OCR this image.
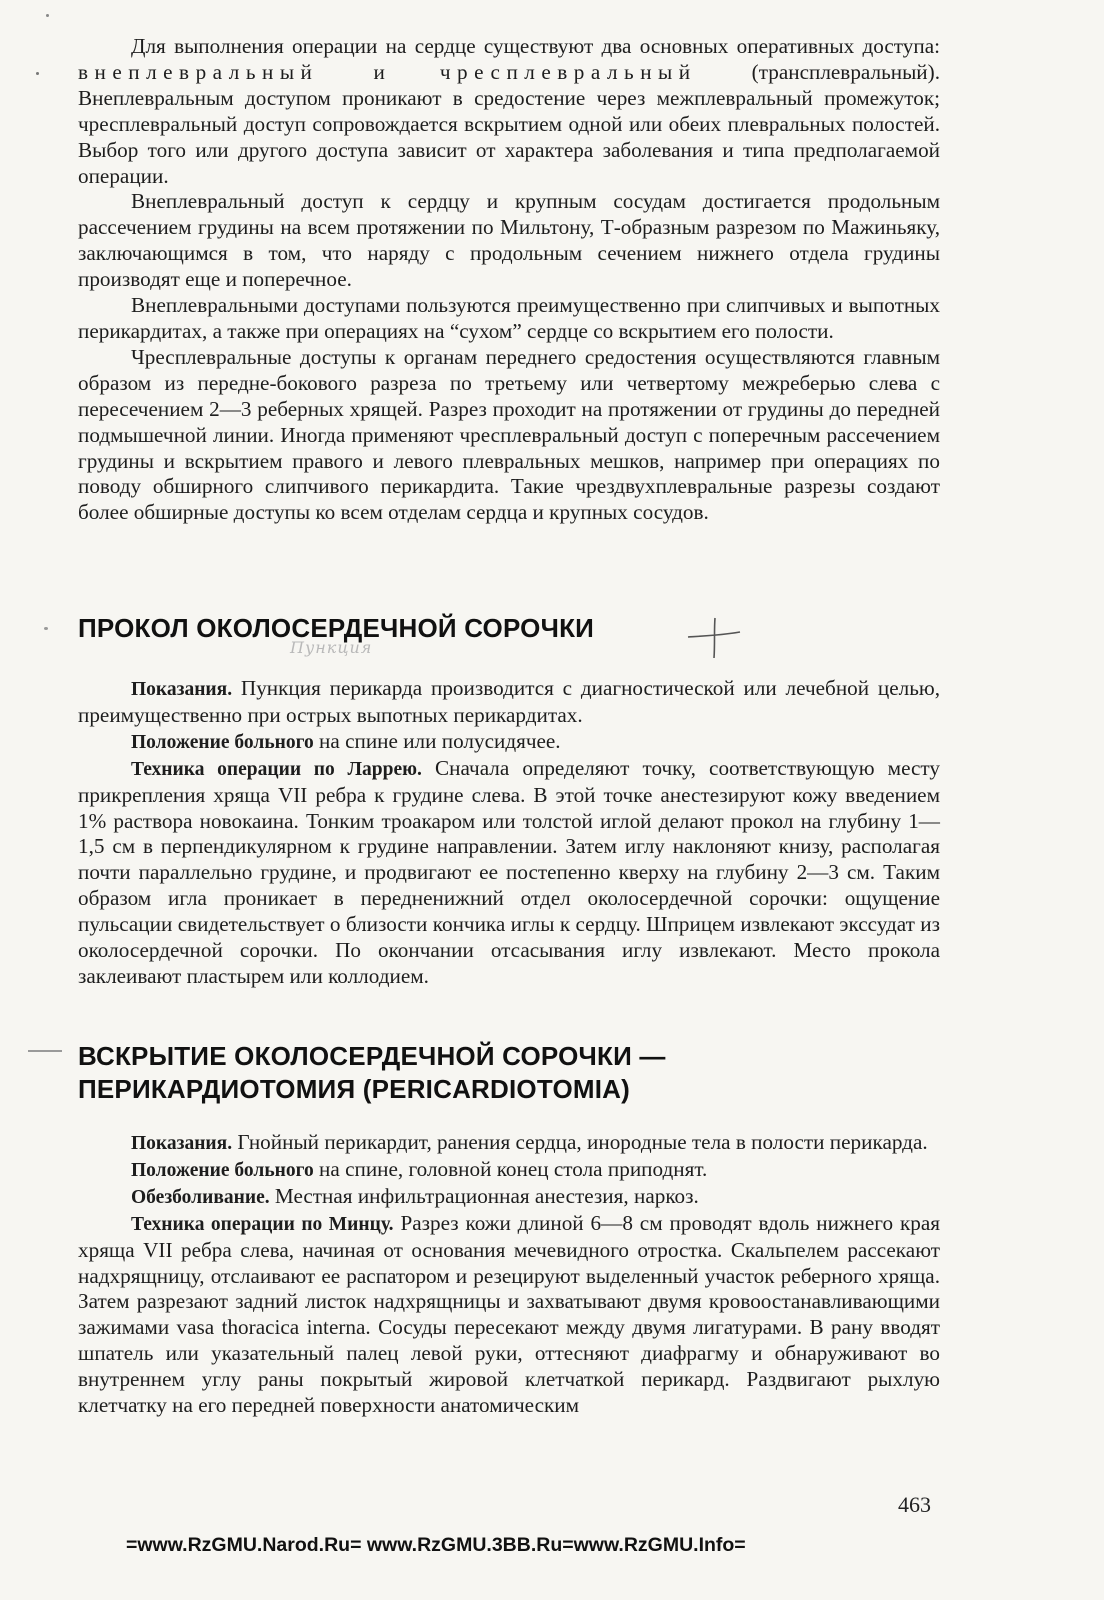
Для выполнения операции на сердце существуют два основных оперативных доступа: внеплевральный и чресплевральный (трансплевральный). Внеплевральным доступом проникают в средостение через межплевральный промежуток; чресплевральный доступ сопровождается вскрытием одной или обеих плевральных полостей. Выбор того или другого доступа зависит от характера заболевания и типа предполагаемой операции.

Внеплевральный доступ к сердцу и крупным сосудам достигается продольным рассечением грудины на всем протяжении по Мильтону, Т-образным разрезом по Мажиньяку, заключающимся в том, что наряду с продольным сечением нижнего отдела грудины производят еще и поперечное.

Внеплевральными доступами пользуются преимущественно при слипчивых и выпотных перикардитах, а также при операциях на “сухом” сердце со вскрытием его полости.

Чресплевральные доступы к органам переднего средостения осуществляются главным образом из передне-бокового разреза по третьему или четвертому межреберью слева с пересечением 2—3 реберных хрящей. Разрез проходит на протяжении от грудины до передней подмышечной линии. Иногда применяют чресплевральный доступ с поперечным рассечением грудины и вскрытием правого и левого плевральных мешков, например при операциях по поводу обширного слипчивого перикардита. Такие чрездвухплевральные разрезы создают более обширные доступы ко всем отделам сердца и крупных сосудов.

ПРОКОЛ ОКОЛОСЕРДЕЧНОЙ СОРОЧКИ
Пункция

Показания. Пункция перикарда производится с диагностической или лечебной целью, преимущественно при острых выпотных перикардитах.

Положение больного на спине или полусидячее.

Техника операции по Ларрею. Сначала определяют точку, соответствующую месту прикрепления хряща VII ребра к грудине слева. В этой точке анестезируют кожу введением 1% раствора новокаина. Тонким троакаром или толстой иглой делают прокол на глубину 1—1,5 см в перпендикулярном к грудине направлении. Затем иглу наклоняют книзу, располагая почти параллельно грудине, и продвигают ее постепенно кверху на глубину 2—3 см. Таким образом игла проникает в передненижний отдел околосердечной сорочки: ощущение пульсации свидетельствует о близости кончика иглы к сердцу. Шприцем извлекают экссудат из околосердечной сорочки. По окончании отсасывания иглу извлекают. Место прокола заклеивают пластырем или коллодием.

ВСКРЫТИЕ ОКОЛОСЕРДЕЧНОЙ СОРОЧКИ —
ПЕРИКАРДИОТОМИЯ (PERICARDIOTOMIA)

Показания. Гнойный перикардит, ранения сердца, инородные тела в полости перикарда.

Положение больного на спине, головной конец стола приподнят.

Обезболивание. Местная инфильтрационная анестезия, наркоз.

Техника операции по Минцу. Разрез кожи длиной 6—8 см проводят вдоль нижнего края хряща VII ребра слева, начиная от основания мечевидного отростка. Скальпелем рассекают надхрящницу, отслаивают ее распатором и резецируют выделенный участок реберного хряща. Затем разрезают задний листок надхрящницы и захватывают двумя кровоостанавливающими зажимами vasa thoracica interna. Сосуды пересекают между двумя лигатурами. В рану вводят шпатель или указательный палец левой руки, оттесняют диафрагму и обнаруживают во внутреннем углу раны покрытый жировой клетчаткой перикард. Раздвигают рыхлую клетчатку на его передней поверхности анатомическим

463
=www.RzGMU.Narod.Ru= www.RzGMU.3BB.Ru=www.RzGMU.Info=
